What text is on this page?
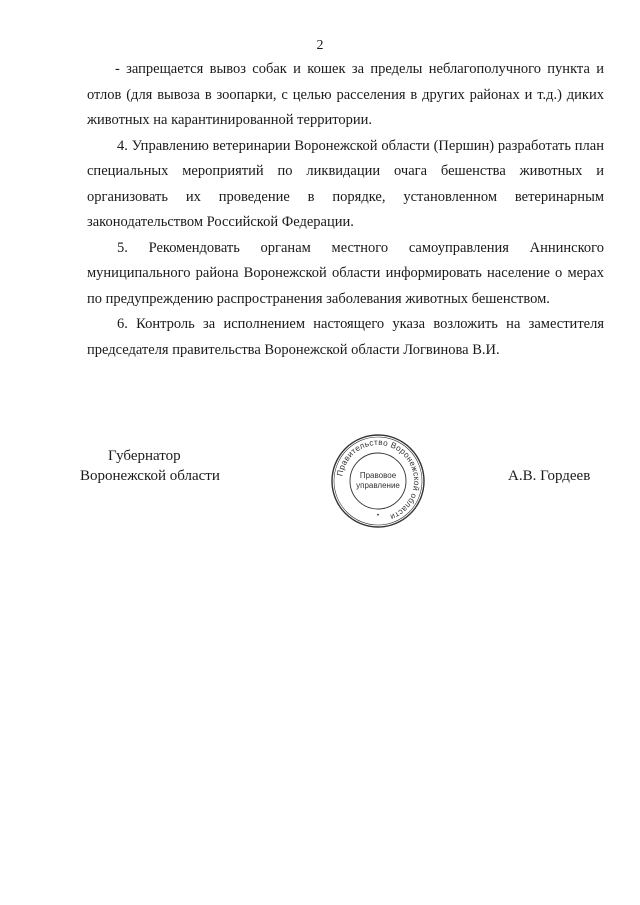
2

- запрещается вывоз собак и кошек за пределы неблагополучного пункта и отлов (для вывоза в зоопарки, с целью расселения в других районах и т.д.) диких животных на карантинированной территории.

4. Управлению ветеринарии Воронежской области (Першин) разработать план специальных мероприятий по ликвидации очага бешенства животных и организовать их проведение в порядке, установленном ветеринарным законодательством Российской Федерации.

5. Рекомендовать органам местного самоуправления Аннинского муниципального района Воронежской области информировать население о мерах по предупреждению распространения заболевания животных бешенством.

6. Контроль за исполнением настоящего указа возложить на заместителя председателя правительства Воронежской области Логвинова В.И.

Губернатор
Воронежской области	Правительство Воронежской области
Правовое
управление
•
А.В. Гордеев
